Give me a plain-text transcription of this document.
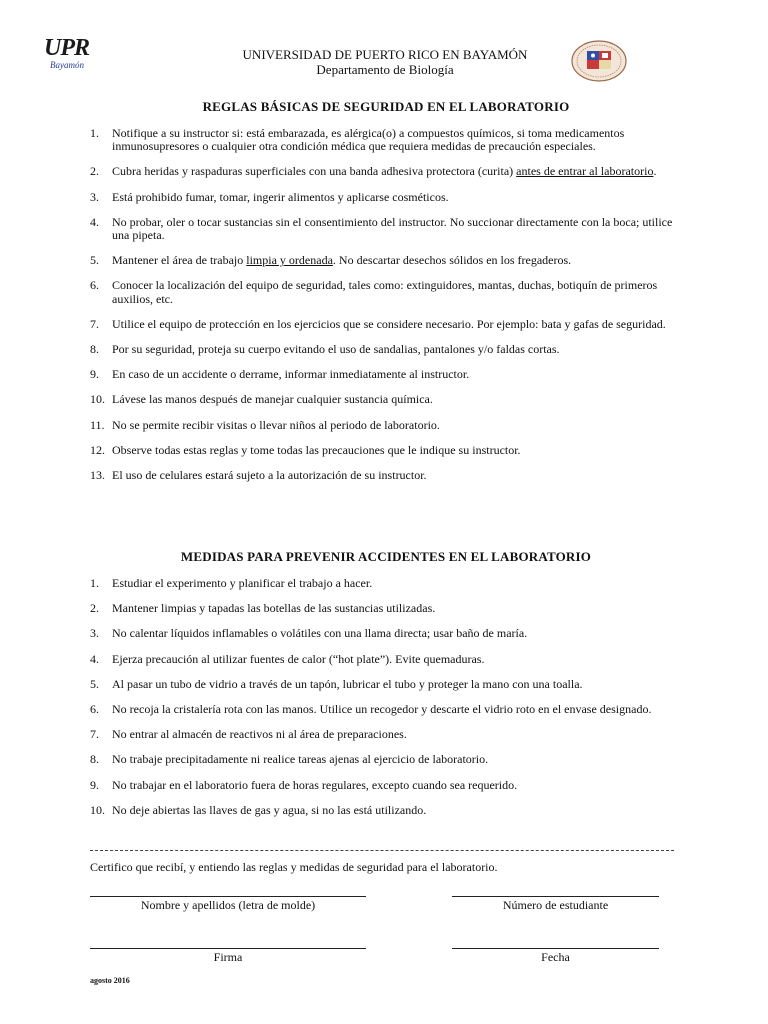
UPR
Bayamón
UNIVERSIDAD DE PUERTO RICO EN BAYAMÓN
Departamento de Biología
REGLAS BÁSICAS DE SEGURIDAD EN EL LABORATORIO
1. Notifique a su instructor si: está embarazada, es alérgica(o) a compuestos químicos, si toma medicamentos inmunosupresores o cualquier otra condición médica que requiera medidas de precaución especiales.
2. Cubra heridas y raspaduras superficiales con una banda adhesiva protectora (curita) antes de entrar al laboratorio.
3. Está prohibido fumar, tomar, ingerir alimentos y aplicarse cosméticos.
4. No probar, oler o tocar sustancias sin el consentimiento del instructor. No succionar directamente con la boca; utilice una pipeta.
5. Mantener el área de trabajo limpia y ordenada. No descartar desechos sólidos en los fregaderos.
6. Conocer la localización del equipo de seguridad, tales como: extinguidores, mantas, duchas, botiquín de primeros auxilios, etc.
7. Utilice el equipo de protección en los ejercicios que se considere necesario. Por ejemplo: bata y gafas de seguridad.
8. Por su seguridad, proteja su cuerpo evitando el uso de sandalias, pantalones y/o faldas cortas.
9. En caso de un accidente o derrame, informar inmediatamente al instructor.
10. Lávese las manos después de manejar cualquier sustancia química.
11. No se permite recibir visitas o llevar niños al periodo de laboratorio.
12. Observe todas estas reglas y tome todas las precauciones que le indique su instructor.
13. El uso de celulares estará sujeto a la autorización de su instructor.
MEDIDAS PARA PREVENIR ACCIDENTES EN EL LABORATORIO
1. Estudiar el experimento y planificar el trabajo a hacer.
2. Mantener limpias y tapadas las botellas de las sustancias utilizadas.
3. No calentar líquidos inflamables o volátiles con una llama directa; usar baño de maría.
4. Ejerza precaución al utilizar fuentes de calor (“hot plate”). Evite quemaduras.
5. Al pasar un tubo de vidrio a través de un tapón, lubricar el tubo y proteger la mano con una toalla.
6. No recoja la cristalería rota con las manos. Utilice un recogedor y descarte el vidrio roto en el envase designado.
7. No entrar al almacén de reactivos ni al área de preparaciones.
8. No trabaje precipitadamente ni realice tareas ajenas al ejercicio de laboratorio.
9. No trabajar en el laboratorio fuera de horas regulares, excepto cuando sea requerido.
10. No deje abiertas las llaves de gas y agua, si no las está utilizando.
Certifico que recibí, y entiendo las reglas y medidas de seguridad para el laboratorio.
Nombre y apellidos (letra de molde)	Número de estudiante
Firma	Fecha
agosto 2016
